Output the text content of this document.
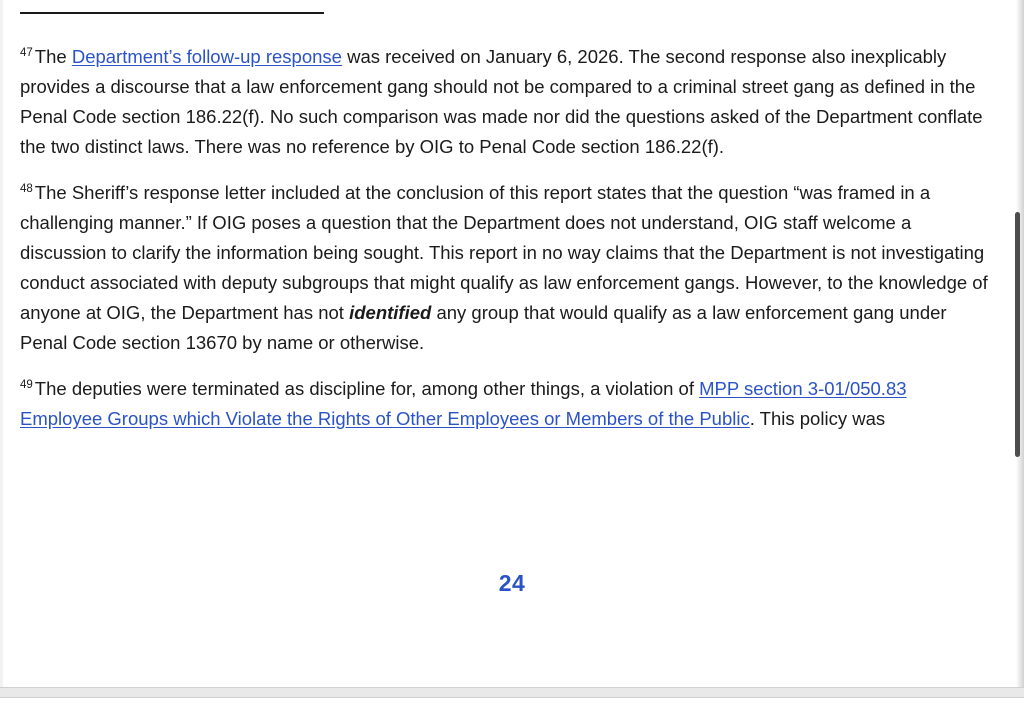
$^{47}$ The Department’s follow-up response was received on January 6, 2026. The second response also inexplicably provides a discourse that a law enforcement gang should not be compared to a criminal street gang as defined in the Penal Code section 186.22(f). No such comparison was made nor did the questions asked of the Department conflate the two distinct laws. There was no reference by OIG to Penal Code section 186.22(f).

$^{48}$ The Sheriff’s response letter included at the conclusion of this report states that the question “was framed in a challenging manner.” If OIG poses a question that the Department does not understand, OIG staff welcome a discussion to clarify the information being sought. This report in no way claims that the Department is not investigating conduct associated with deputy subgroups that might qualify as law enforcement gangs. However, to the knowledge of anyone at OIG, the Department has not identified any group that would qualify as a law enforcement gang under Penal Code section 13670 by name or otherwise.

$^{49}$ The deputies were terminated as discipline for, among other things, a violation of MPP section 3-01/050.83 Employee Groups which Violate the Rights of Other Employees or Members of the Public. This policy was

24
